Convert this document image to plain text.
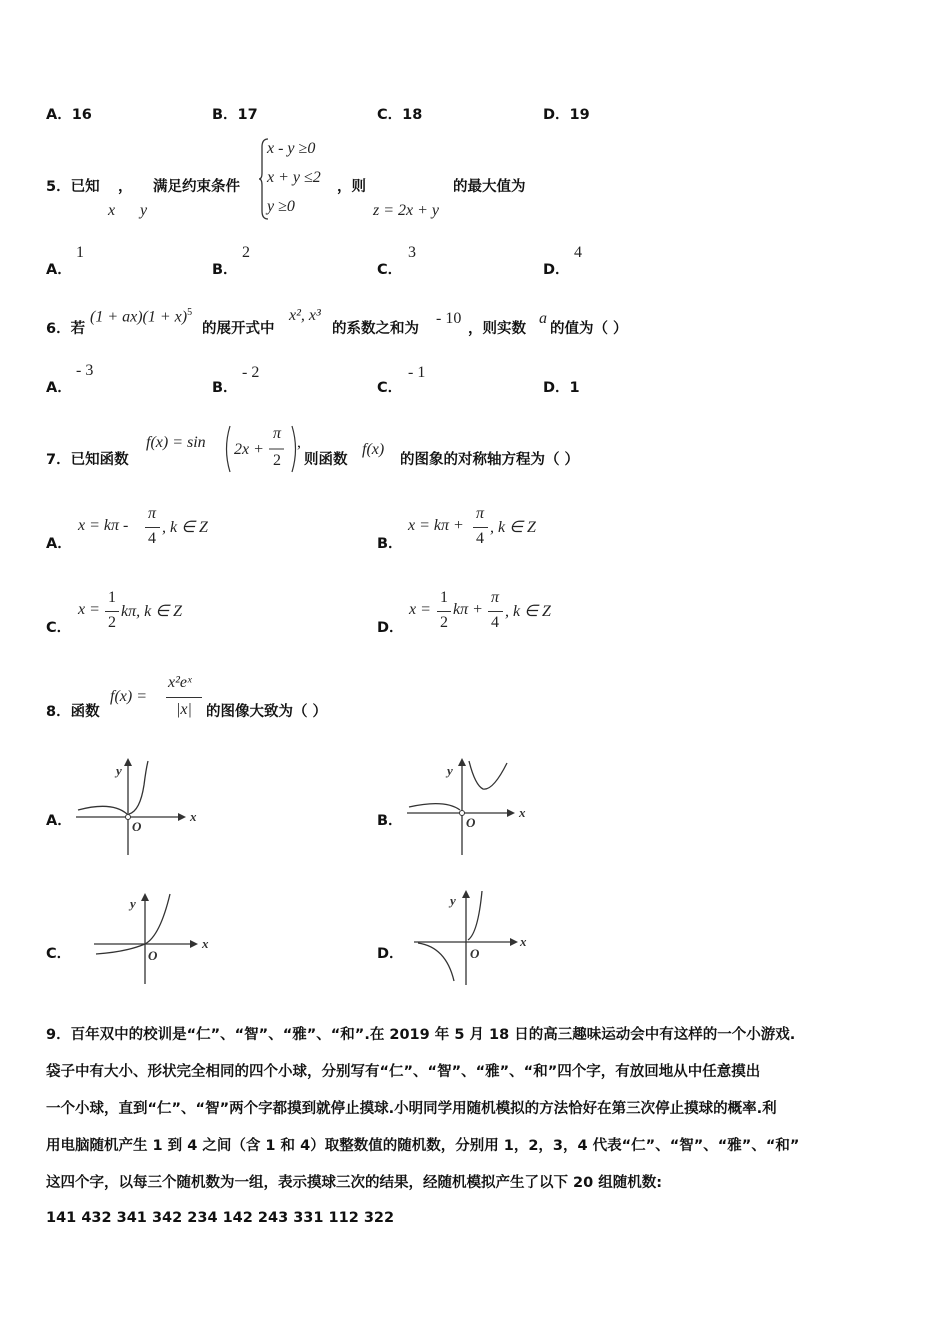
A．16	B．17	C．18	D．19
5．已知 ，
x y
满足约束条件
x - y ≥0
x + y ≤2
y ≥0
，则
z = 2x + y
的最大值为
A．
1
B．
2
C．
3
D．
4
6．若
$(1 + ax)(1 + x)^5$
的展开式中
x², x³
的系数之和为
- 10
，则实数
a
的值为（ ）
A．
- 3
B．
- 2
C．
- 1
D．1
7．已知函数
f(x) = sin 2x +
π
2
,
则函数
f(x)
的图象的对称轴方程为（ ）
A．
x = kπ -
π
4
, k ∈ Z
B．
x = kπ +
π
4
, k ∈ Z
C．
x =
1
2
kπ, k ∈ Z
D．
x =
1
2
kπ +
π
4
, k ∈ Z
8．函数
f(x) =
x²eˣ
|x| 的图像大致为（ ）
A．
y
x
O	B．
y
x
O
C．
y
x
O	D．
y
x
O
9．百年双中的校训是“仁”、“智”、“雅”、“和”.在 2019 年 5 月 18 日的高三趣味运动会中有这样的一个小游戏.
袋子中有大小、形状完全相同的四个小球，分别写有“仁”、“智”、“雅”、“和”四个字，有放回地从中任意摸出
一个小球，直到“仁”、“智”两个字都摸到就停止摸球.小明同学用随机模拟的方法恰好在第三次停止摸球的概率.利
用电脑随机产生 1 到 4 之间（含 1 和 4）取整数值的随机数，分别用 1，2，3，4 代表“仁”、“智”、“雅”、“和”
这四个字，以每三个随机数为一组，表示摸球三次的结果，经随机模拟产生了以下 20 组随机数:
141 432 341 342 234 142 243 331 112 322
